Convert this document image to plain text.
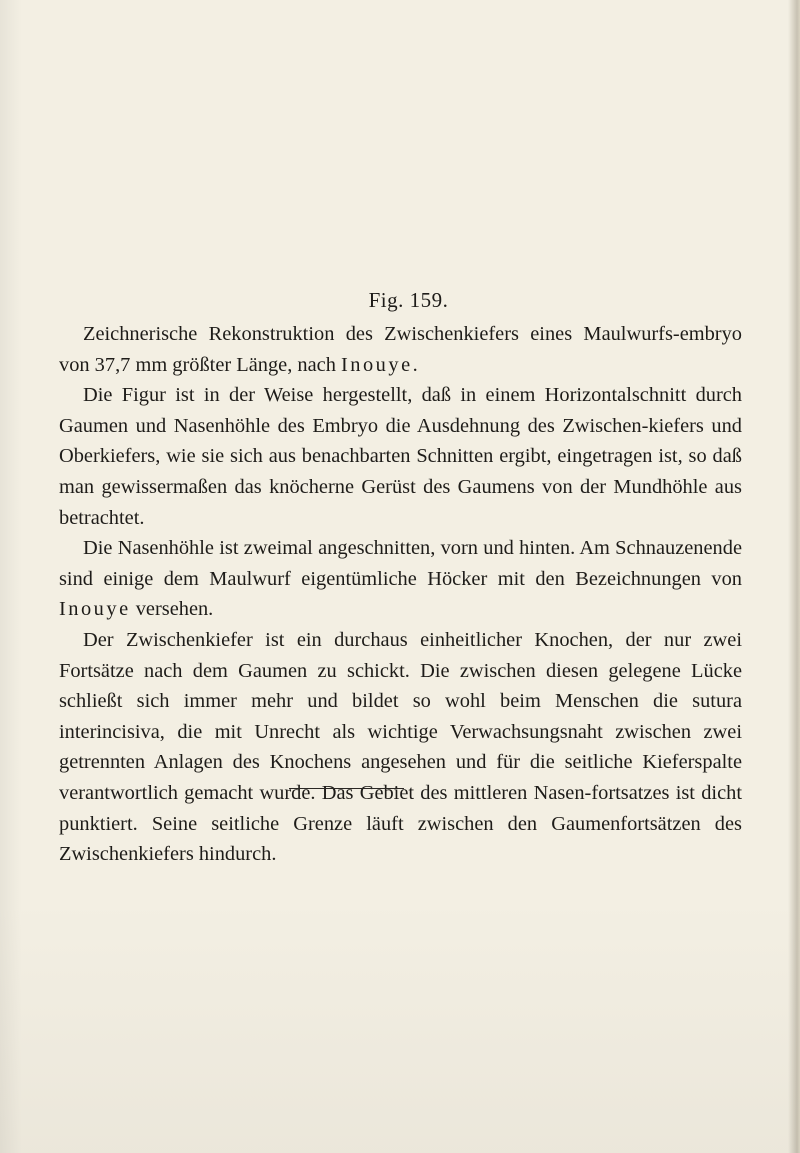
Fig. 159.

Zeichnerische Rekonstruktion des Zwischenkiefers eines Maulwurfs-embryo von 37,7 mm größter Länge, nach Inouye.

Die Figur ist in der Weise hergestellt, daß in einem Horizontalschnitt durch Gaumen und Nasenhöhle des Embryo die Ausdehnung des Zwischen-kiefers und Oberkiefers, wie sie sich aus benachbarten Schnitten ergibt, eingetragen ist, so daß man gewissermaßen das knöcherne Gerüst des Gaumens von der Mundhöhle aus betrachtet.

Die Nasenhöhle ist zweimal angeschnitten, vorn und hinten. Am Schnauzenende sind einige dem Maulwurf eigentümliche Höcker mit den Bezeichnungen von Inouye versehen.

Der Zwischenkiefer ist ein durchaus einheitlicher Knochen, der nur zwei Fortsätze nach dem Gaumen zu schickt. Die zwischen diesen gelegene Lücke schließt sich immer mehr und bildet so wohl beim Menschen die sutura interincisiva, die mit Unrecht als wichtige Verwachsungsnaht zwischen zwei getrennten Anlagen des Knochens angesehen und für die seitliche Kieferspalte verantwortlich gemacht wurde. Das Gebiet des mittleren Nasen-fortsatzes ist dicht punktiert. Seine seitliche Grenze läuft zwischen den Gaumenfortsätzen des Zwischenkiefers hindurch.
